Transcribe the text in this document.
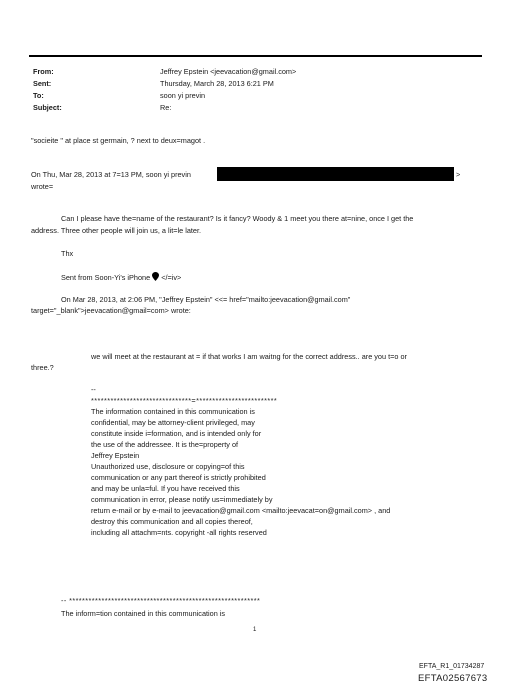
From:	Jeffrey Epstein <jeevacation@gmail.com>
Sent:	Thursday, March 28, 2013 6:21 PM
To:	soon yi previn
Subject:	Re:
"socieite " at place st germain, ? next to deux=magot .
On Thu, Mar 28, 2013 at 7=13 PM, soon yi previn	>
wrote=
Can I please have the=name of the restaurant? Is it fancy? Woody & 1 meet you there at=nine, once I get the
address. Three other people will join us, a lit=le later.
Thx
Sent from Soon-Yi's iPhone </=iv>
On Mar 28, 2013, at 2:06 PM, "Jeffrey Epstein" <<= href="mailto:jeevacation@gmail.com"
target="_blank">jeevacation@gmail=com> wrote:
we will meet at the restaurant at = if that works I am waitng for the correct address.. are you t=o or
three.?
--
*******************************=*************************
The information contained in this communication is
confidential, may be attorney-client privileged, may
constitute inside i=formation, and is intended only for
the use of the addressee. It is the=property of
Jeffrey Epstein
Unauthorized use, disclosure or copying=of this
communication or any part thereof is strictly prohibited
and may be unla=ful. If you have received this
communication in error, please notify us=immediately by
return e-mail or by e-mail to jeevacation@gmail.com <mailto:jeevacat=on@gmail.com> , and
destroy this communication and all copies thereof,
including all attachm=nts. copyright -all rights reserved
-- ***********************************************************
The inform=tion contained in this communication is
1
EFTA_R1_01734287
EFTA02567673
